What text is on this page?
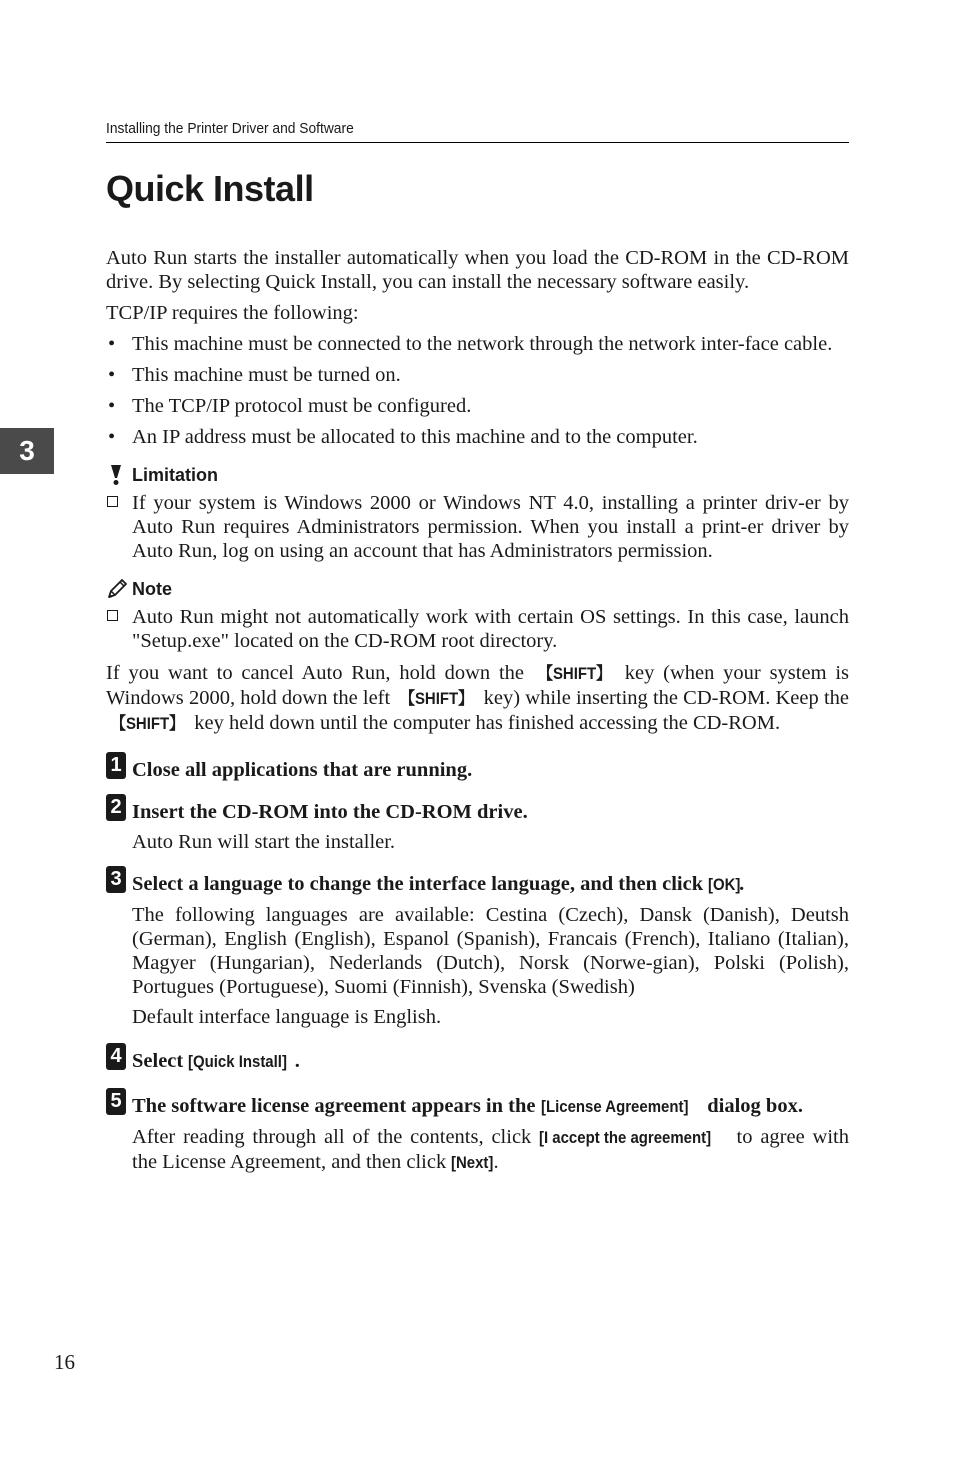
Installing the Printer Driver and Software
Quick Install
3

Auto Run starts the installer automatically when you load the CD-ROM in the CD-ROM drive. By selecting Quick Install, you can install the necessary software easily.

TCP/IP requires the following:

• This machine must be connected to the network through the network inter-face cable.
• This machine must be turned on.
• The TCP/IP protocol must be configured.
• An IP address must be allocated to this machine and to the computer.
Limitation
If your system is Windows 2000 or Windows NT 4.0, installing a printer driv-er by Auto Run requires Administrators permission. When you install a print-er driver by Auto Run, log on using an account that has Administrators permission.
Note
Auto Run might not automatically work with certain OS settings. In this case, launch "Setup.exe" located on the CD-ROM root directory.

If you want to cancel Auto Run, hold down the 【SHIFT】 key (when your system is Windows 2000, hold down the left 【SHIFT】 key) while inserting the CD-ROM. Keep the 【SHIFT】 key held down until the computer has finished accessing the CD-ROM.

1 Close all applications that are running.
2 Insert the CD-ROM into the CD-ROM drive.
Auto Run will start the installer.
3 Select a language to change the interface language, and then click [OK].
The following languages are available: Cestina (Czech), Dansk (Danish), Deutsh (German), English (English), Espanol (Spanish), Francais (French), Italiano (Italian), Magyer (Hungarian), Nederlands (Dutch), Norsk (Norwe-gian), Polski (Polish), Portugues (Portuguese), Suomi (Finnish), Svenska (Swedish)
Default interface language is English.
4 Select [Quick Install] .
5 The software license agreement appears in the [License Agreement] dialog box.
After reading through all of the contents, click [I accept the agreement] to agree with the License Agreement, and then click [Next].
16
